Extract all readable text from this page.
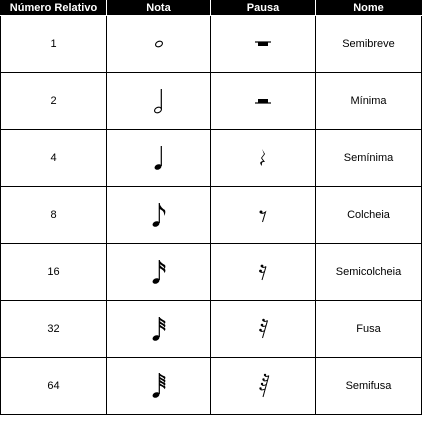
Número Relativo	Nota	Pausa	Nome
1			Semibreve
2			Mínima
4			Semínima
8			Colcheia
16			Semicolcheia
32			Fusa
64			Semifusa
